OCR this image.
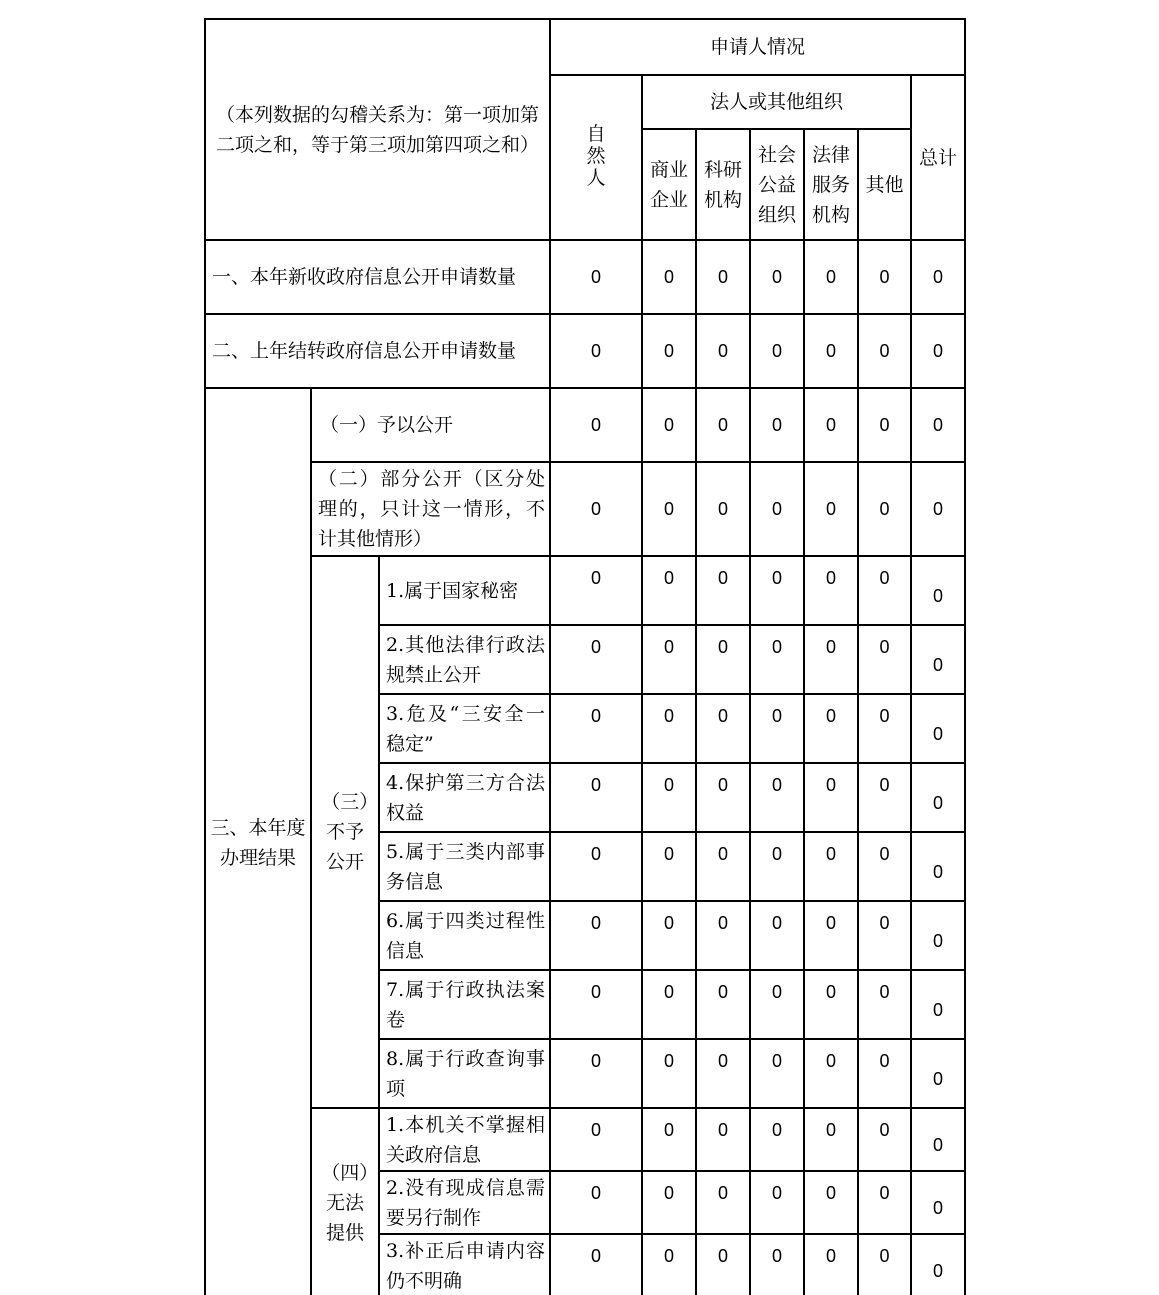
（本列数据的勾稽关系为：第一项加第二项之和，等于第三项加第四项之和）			申请人情况						
			自然人	法人或其他组织					总计
				商业企业	科研机构	社会公益组织	法律服务机构	其他	
一、本年新收政府信息公开申请数量			0	0	0	0	0	0	0
二、上年结转政府信息公开申请数量			0	0	0	0	0	0	0

三、本年度办理结果	（一）予以公开		0	0	0	0	0	0	0
	（二）部分公开（区分处理的，只计这一情形，不计其他情形）		0	0	0	0	0	0	0

	（三）不予公开	1.属于国家秘密	0	0	0	0	0	0	0
		2.其他法律行政法规禁止公开	0	0	0	0	0	0	0
		3.危及“三安全一稳定”	0	0	0	0	0	0	0
		4.保护第三方合法权益	0	0	0	0	0	0	0
		5.属于三类内部事务信息	0	0	0	0	0	0	0
		6.属于四类过程性信息	0	0	0	0	0	0	0
		7.属于行政执法案卷	0	0	0	0	0	0	0
		8.属于行政查询事项	0	0	0	0	0	0	0

	（四）无法提供	1.本机关不掌握相关政府信息	0	0	0	0	0	0	0
		2.没有现成信息需要另行制作	0	0	0	0	0	0	0
		3.补正后申请内容仍不明确	0	0	0	0	0	0	0
